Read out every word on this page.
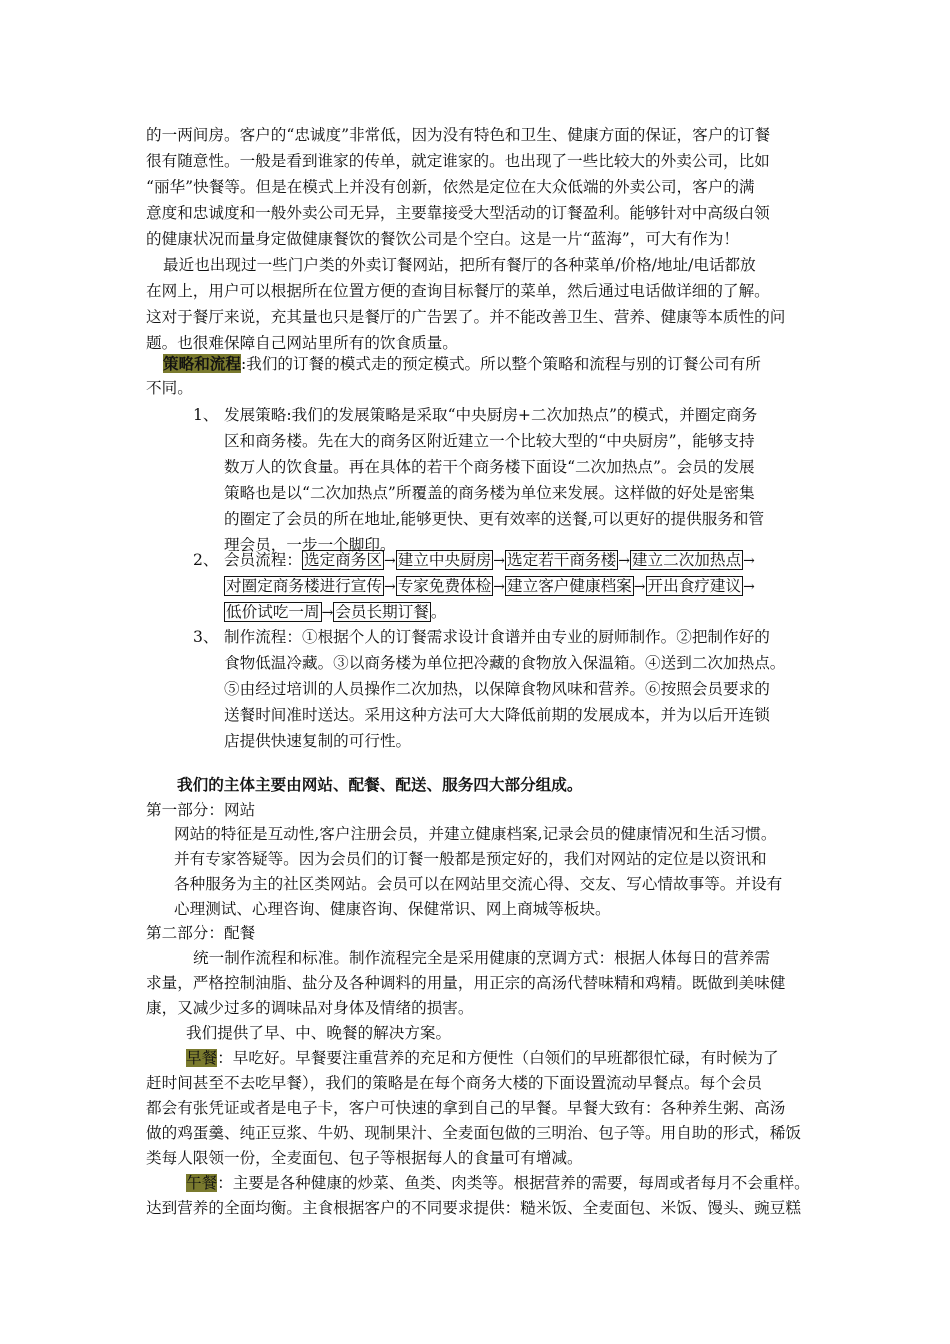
的一两间房。客户的“忠诚度”非常低，因为没有特色和卫生、健康方面的保证，客户的订餐

很有随意性。一般是看到谁家的传单，就定谁家的。也出现了一些比较大的外卖公司，比如

“丽华”快餐等。但是在模式上并没有创新，依然是定位在大众低端的外卖公司，客户的满

意度和忠诚度和一般外卖公司无异，主要靠接受大型活动的订餐盈利。能够针对中高级白领

的健康状况而量身定做健康餐饮的餐饮公司是个空白。这是一片“蓝海”，可大有作为！

最近也出现过一些门户类的外卖订餐网站，把所有餐厅的各种菜单/价格/地址/电话都放

在网上，用户可以根据所在位置方便的查询目标餐厅的菜单，然后通过电话做详细的了解。

这对于餐厅来说，充其量也只是餐厅的广告罢了。并不能改善卫生、营养、健康等本质性的问

题。也很难保障自己网站里所有的饮食质量。

策略和流程:我们的订餐的模式走的预定模式。所以整个策略和流程与别的订餐公司有所

不同。

1、 发展策略:我们的发展策略是采取“中央厨房+二次加热点”的模式，并圈定商务

区和商务楼。先在大的商务区附近建立一个比较大型的“中央厨房”，能够支持

数万人的饮食量。再在具体的若干个商务楼下面设“二次加热点”。会员的发展

策略也是以“二次加热点”所覆盖的商务楼为单位来发展。这样做的好处是密集

的圈定了会员的所在地址,能够更快、更有效率的送餐,可以更好的提供服务和管

理会员，一步一个脚印。

2、 会员流程： 选定商务区 → 建立中央厨房 → 选定若干商务楼 → 建立二次加热点 →

对圈定商务楼进行宣传 → 专家免费体检 → 建立客户健康档案 → 开出食疗建议 →

低价试吃一周 → 会员长期订餐 。

3、 制作流程：①根据个人的订餐需求设计食谱并由专业的厨师制作。②把制作好的

食物低温冷藏。③以商务楼为单位把冷藏的食物放入保温箱。④送到二次加热点。

⑤由经过培训的人员操作二次加热，以保障食物风味和营养。⑥按照会员要求的

送餐时间准时送达。采用这种方法可大大降低前期的发展成本，并为以后开连锁

店提供快速复制的可行性。

我们的主体主要由网站、配餐、配送、服务四大部分组成。

第一部分：网站

网站的特征是互动性,客户注册会员，并建立健康档案,记录会员的健康情况和生活习惯。

并有专家答疑等。因为会员们的订餐一般都是预定好的，我们对网站的定位是以资讯和

各种服务为主的社区类网站。会员可以在网站里交流心得、交友、写心情故事等。并设有

心理测试、心理咨询、健康咨询、保健常识、网上商城等板块。

第二部分：配餐

统一制作流程和标准。制作流程完全是采用健康的烹调方式：根据人体每日的营养需

求量，严格控制油脂、盐分及各种调料的用量，用正宗的高汤代替味精和鸡精。既做到美味健

康，又减少过多的调味品对身体及情绪的损害。

我们提供了早、中、晚餐的解决方案。

早餐：早吃好。早餐要注重营养的充足和方便性（白领们的早班都很忙碌，有时候为了

赶时间甚至不去吃早餐），我们的策略是在每个商务大楼的下面设置流动早餐点。每个会员

都会有张凭证或者是电子卡，客户可快速的拿到自己的早餐。早餐大致有：各种养生粥、高汤

做的鸡蛋羹、纯正豆浆、牛奶、现制果汁、全麦面包做的三明治、包子等。用自助的形式，稀饭

类每人限领一份，全麦面包、包子等根据每人的食量可有增减。

午餐：主要是各种健康的炒菜、鱼类、肉类等。根据营养的需要，每周或者每月不会重样。

达到营养的全面均衡。主食根据客户的不同要求提供：糙米饭、全麦面包、米饭、馒头、豌豆糕
